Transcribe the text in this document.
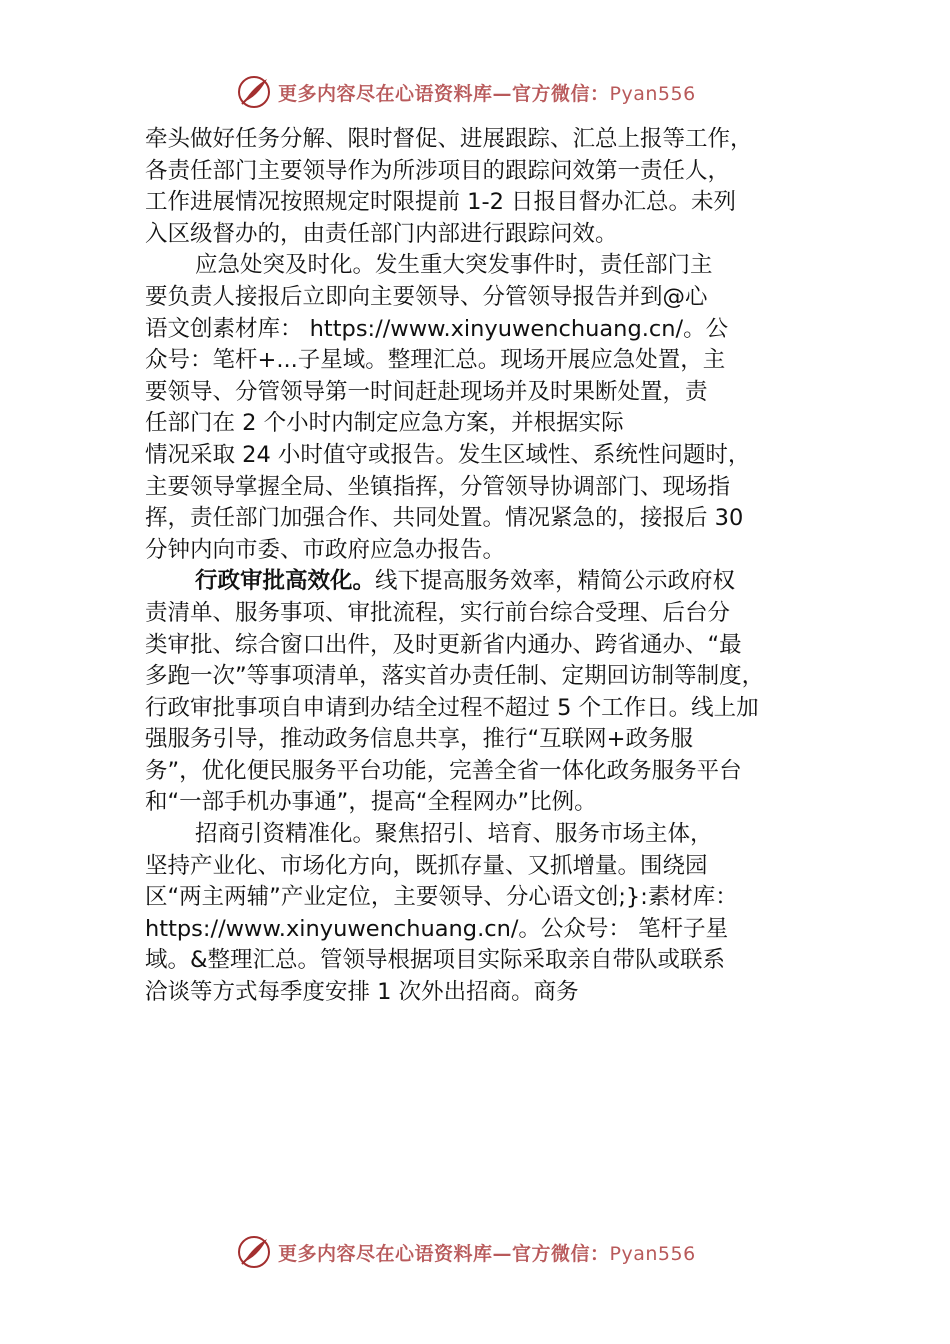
更多内容尽在心语资料库—官方微信：Pyan556
牵头做好任务分解、限时督促、进展跟踪、汇总上报等工作，
各责任部门主要领导作为所涉项目的跟踪问效第一责任人，
工作进展情况按照规定时限提前 1-2 日报目督办汇总。未列
入区级督办的，由责任部门内部进行跟踪问效。
应急处突及时化。发生重大突发事件时，责任部门主
要负责人接报后立即向主要领导、分管领导报告并到@心
语文创素材库： https://www.xinyuwenchuang.cn/。公
众号：笔杆+...子星域。整理汇总。现场开展应急处置，主
要领导、分管领导第一时间赶赴现场并及时果断处置，责
任部门在 2 个小时内制定应急方案，并根据实际
情况采取 24 小时值守或报告。发生区域性、系统性问题时，
主要领导掌握全局、坐镇指挥，分管领导协调部门、现场指
挥，责任部门加强合作、共同处置。情况紧急的，接报后 30
分钟内向市委、市政府应急办报告。
行政审批高效化。线下提高服务效率，精简公示政府权
责清单、服务事项、审批流程，实行前台综合受理、后台分
类审批、综合窗口出件，及时更新省内通办、跨省通办、“最
多跑一次”等事项清单，落实首办责任制、定期回访制等制度，
行政审批事项自申请到办结全过程不超过 5 个工作日。线上加
强服务引导，推动政务信息共享，推行“互联网+政务服
务”，优化便民服务平台功能，完善全省一体化政务服务平台
和“一部手机办事通”，提高“全程网办”比例。
招商引资精准化。聚焦招引、培育、服务市场主体，
坚持产业化、市场化方向，既抓存量、又抓增量。围绕园
区“两主两辅”产业定位，主要领导、分心语文创;}:素材库：
https://www.xinyuwenchuang.cn/。公众号： 笔杆子星
域。&整理汇总。管领导根据项目实际采取亲自带队或联系
洽谈等方式每季度安排 1 次外出招商。商务
更多内容尽在心语资料库—官方微信：Pyan556
